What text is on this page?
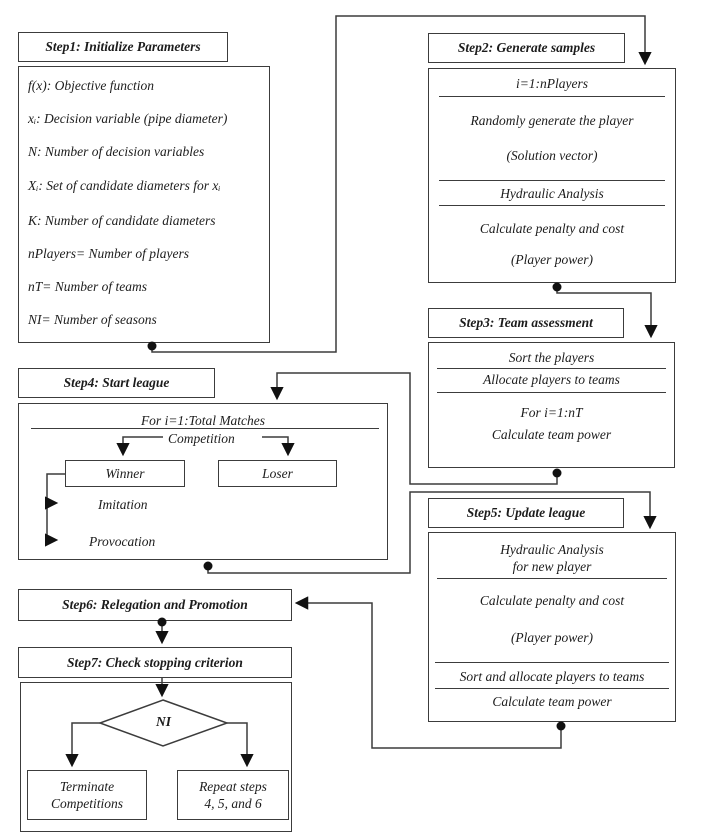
Step1: Initialize Parameters
f(x): Objective function
xᵢ: Decision variable (pipe diameter)
N: Number of decision variables
Xᵢ: Set of candidate diameters for xᵢ
K: Number of candidate diameters
nPlayers= Number of players
nT= Number of teams
NI= Number of seasons
Step2: Generate samples
i=1:nPlayers
Randomly generate the player
(Solution vector)
Hydraulic Analysis
Calculate penalty and cost
(Player power)
Step3: Team assessment
Sort the players
Allocate players to teams
For i=1:nT
Calculate team power
Step4: Start league
For i=1:Total Matches
Competition
Imitation
Provocation
Winner	Loser
Step5: Update league
Hydraulic Analysis
for new player
Calculate penalty and cost
(Player power)
Sort and allocate players to teams
Calculate team power
Step6: Relegation and Promotion
Step7: Check stopping criterion
NI
Terminate
Competitions
Repeat steps
4, 5, and 6
